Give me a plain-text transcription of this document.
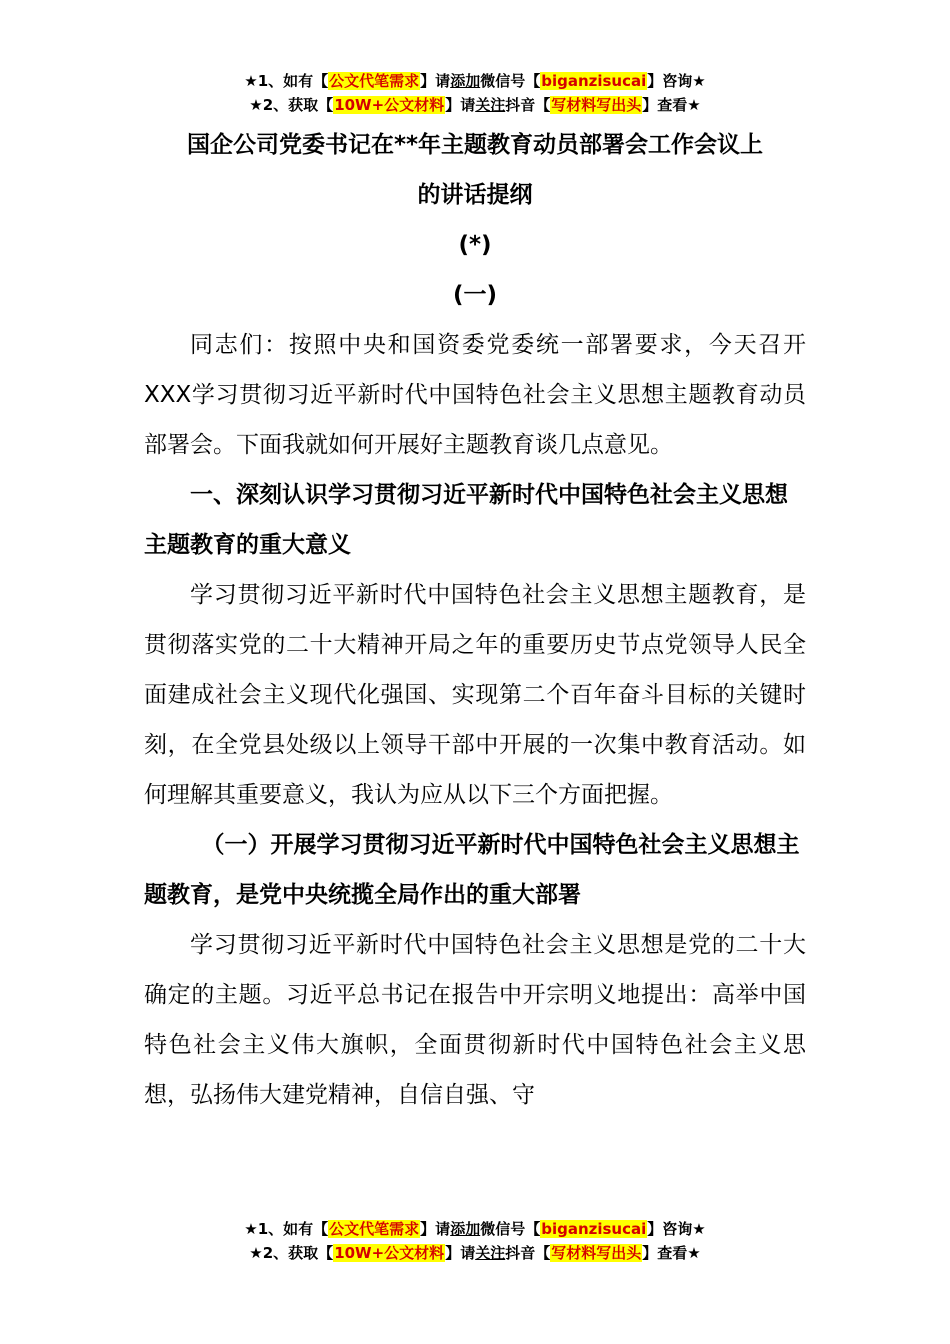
★1、如有【公文代笔需求】请添加微信号【biganzisucai】咨询★
★2、获取【10W+公文材料】请关注抖音【写材料写出头】查看★

国企公司党委书记在**年主题教育动员部署会工作会议上

的讲话提纲

(*)

(一)

同志们：按照中央和国资委党委统一部署要求，今天召开XXX学习贯彻习近平新时代中国特色社会主义思想主题教育动员部署会。下面我就如何开展好主题教育谈几点意见。

一、深刻认识学习贯彻习近平新时代中国特色社会主义思想主题教育的重大意义

学习贯彻习近平新时代中国特色社会主义思想主题教育，是贯彻落实党的二十大精神开局之年的重要历史节点党领导人民全面建成社会主义现代化强国、实现第二个百年奋斗目标的关键时刻，在全党县处级以上领导干部中开展的一次集中教育活动。如何理解其重要意义，我认为应从以下三个方面把握。

（一）开展学习贯彻习近平新时代中国特色社会主义思想主题教育，是党中央统揽全局作出的重大部署

学习贯彻习近平新时代中国特色社会主义思想是党的二十大确定的主题。习近平总书记在报告中开宗明义地提出：高举中国特色社会主义伟大旗帜，全面贯彻新时代中国特色社会主义思想，弘扬伟大建党精神，自信自强、守

★1、如有【公文代笔需求】请添加微信号【biganzisucai】咨询★
★2、获取【10W+公文材料】请关注抖音【写材料写出头】查看★
